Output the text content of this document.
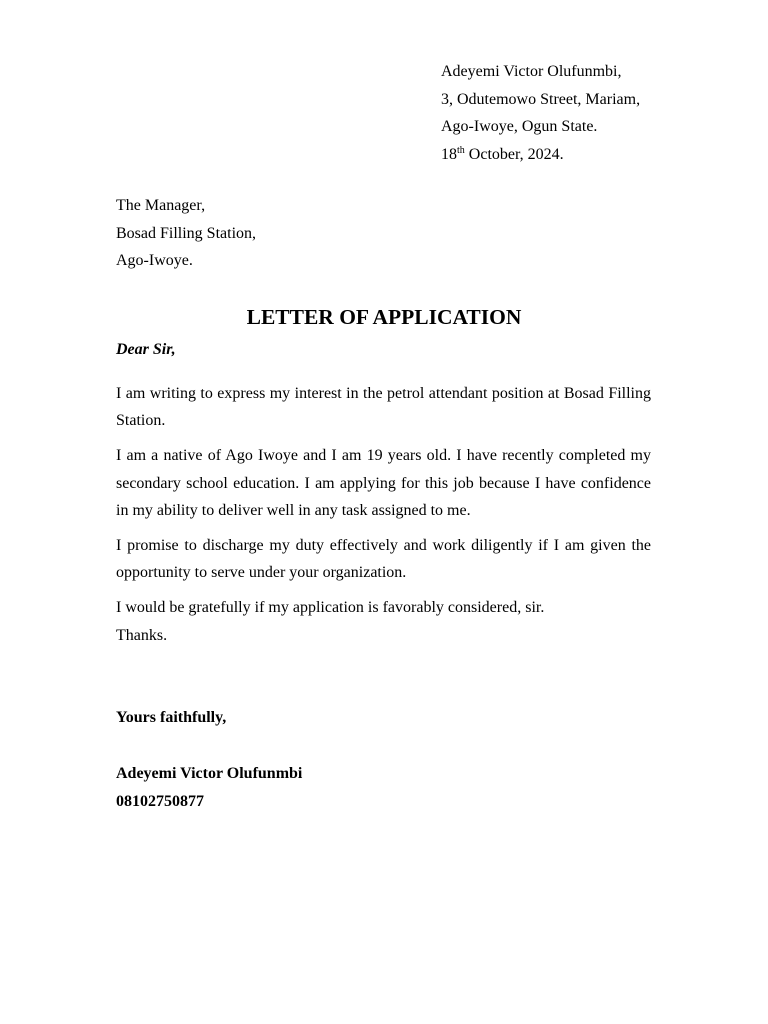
Adeyemi Victor Olufunmbi,
3, Odutemowo Street, Mariam,
Ago-Iwoye, Ogun State.
18th October, 2024.
The Manager,
Bosad Filling Station,
Ago-Iwoye.
LETTER OF APPLICATION
Dear Sir,

I am writing to express my interest in the petrol attendant position at Bosad Filling Station.

I am a native of Ago Iwoye and I am 19 years old. I have recently completed my secondary school education. I am applying for this job because I have confidence in my ability to deliver well in any task assigned to me.

I promise to discharge my duty effectively and work diligently if I am given the opportunity to serve under your organization.

I would be gratefully if my application is favorably considered, sir.

Thanks.
Yours faithfully,
Adeyemi Victor Olufunmbi
08102750877
